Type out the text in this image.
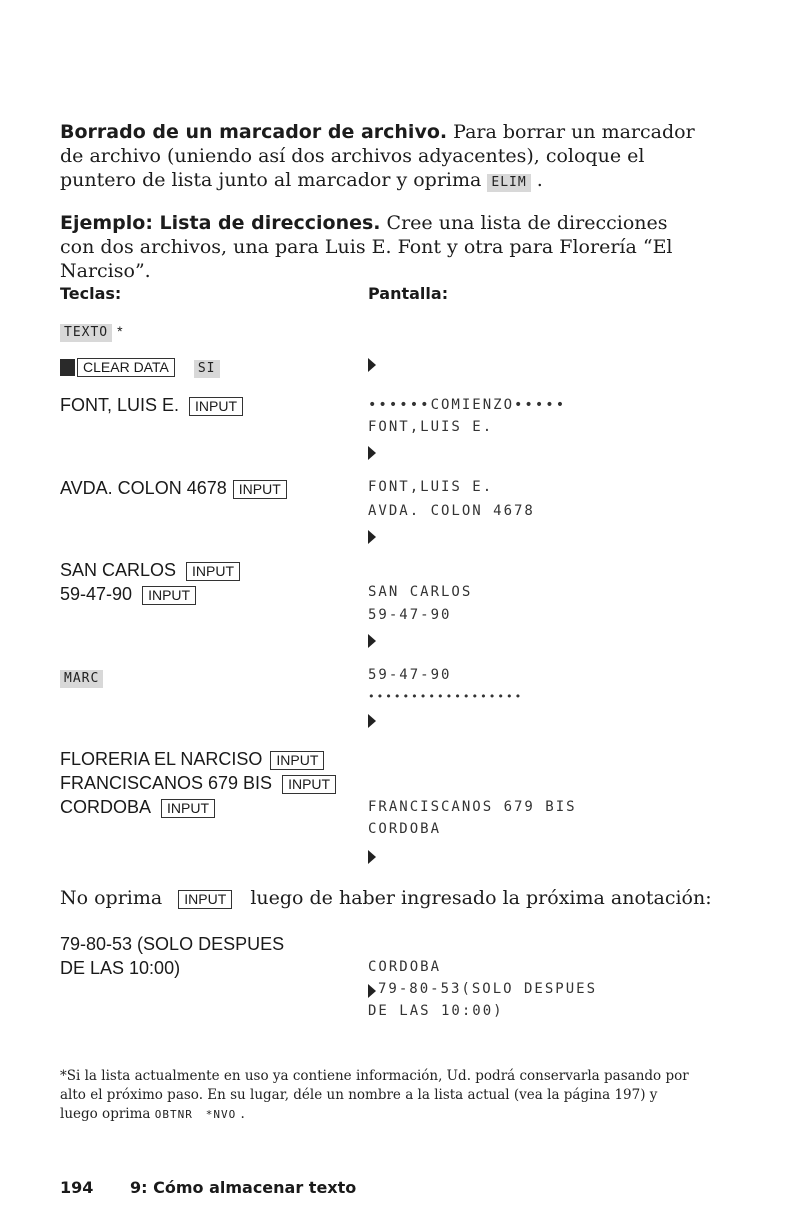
Borrado de un marcador de archivo. Para borrar un marcador de archivo (uniendo así dos archivos adyacentes), coloque el puntero de lista junto al marcador y oprima ELIM .
Ejemplo: Lista de direcciones. Cree una lista de direcciones con dos archivos, una para Luis E. Font y otra para Florería “El Narciso”.
Teclas:	Pantalla:
TEXTO *
CLEAR DATA SI
FONT, LUIS E. INPUT	••••••COMIENZO•••••
FONT,LUIS E.
AVDA. COLON 4678 INPUT	FONT,LUIS E.
AVDA. COLON 4678
SAN CARLOS INPUT
59-47-90 INPUT	SAN CARLOS
59-47-90
MARC	59-47-90
••••••••••••••••••
FLORERIA EL NARCISO INPUT
FRANCISCANOS 679 BIS INPUT
CORDOBA INPUT	FRANCISCANOS 679 BIS
CORDOBA
No oprima INPUT luego de haber ingresado la próxima anotación:
79-80-53 (SOLO DESPUES
DE LAS 10:00)	CORDOBA
79-80-53(SOLO DESPUES
DE LAS 10:00)
*Si la lista actualmente en uso ya contiene información, Ud. podrá conservarla pasando por alto el próximo paso. En su lugar, déle un nombre a la lista actual (vea la página 197) y luego oprima OBTNR *NVO .
194 9: Cómo almacenar texto
